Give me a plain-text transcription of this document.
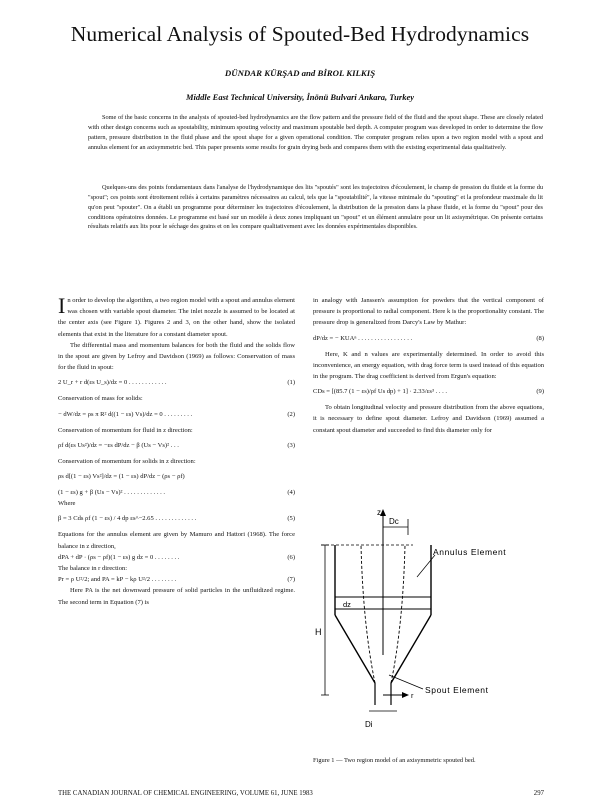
Numerical Analysis of Spouted-Bed Hydrodynamics
DÜNDAR KÜRŞAD and BİROL KILKIŞ
Middle East Technical University, İnönü Bulvari Ankara, Turkey
Some of the basic concerns in the analysis of spouted-bed hydrodynamics are the flow pattern and the pressure field of the fluid and the spout shape. These are closely related with other design concerns such as spoutability, minimum spouting velocity and maximum spoutable bed depth. A computer program was developed in order to determine the flow pattern, pressure distribution in the fluid phase and the spout shape for a given operational condition. The computer program relies upon a two region model with a spout and annulus element for an axisymmetric bed. This paper presents some results for grain drying beds and compares them with the existing experimental data qualitatively.
Quelques-uns des points fondamentaux dans l'analyse de l'hydrodynamique des lits "spoutés" sont les trajectoires d'écoulement, le champ de pression du fluide et la forme du "spout"; ces points sont étroitement reliés à certains paramètres nécessaires au calcul, tels que la "spoutabilité", la vitesse minimale du "spouting" et la profondeur maximale du lit qu'on peut "spouter". On a établi un programme pour déterminer les trajectoires d'écoulement, la distribution de la pression dans la phase fluide, et la forme du "spout" pour des conditions opératoires données. Le programme est basé sur un modèle à deux zones impliquant un "spout" et un élément annulaire pour un lit axisymétrique. On présente certains résultats relatifs aux lits pour le séchage des grains et on les compare qualitativement avec les données expérimentales disponibles.

In order to develop the algorithm, a two region model with a spout and annulus element was chosen with variable spout diameter. The inlet nozzle is assumed to be located at the center axis (see Figure 1). Figures 2 and 3, on the other hand, show the isolated elements that exist in the literature for a constant diameter spout.

The differential mass and momentum balances for both the fluid and the solids flow in the spout are given by Lefroy and Davidson (1969) as follows: Conservation of mass for the fluid in spout:

2 U_r + r d(εs U_s)/dz = 0 . . . . . . . . . . . .	(1)

Conservation of mass for solids:

− dW/dz = ρs π R² d((1 − εs) Vs)/dz = 0 . . . . . . . . .	(2)

Conservation of momentum for fluid in z direction:

ρf d(εs Us²)/dz = −εs dP/dz − β (Us − Vs)² . . .	(3)

Conservation of momentum for solids in z direction:

ρs d[(1 − εs) Vs²]/dz = (1 − εs) dP/dz − (ρs − ρf)
(1 − εs) g + β (Us − Vs)² . . . . . . . . . . . . .	(4)

Where

β = 3 Cds ρf (1 − εs) / 4 dp εs^−2.65 . . . . . . . . . . . . .	(5)

Equations for the annulus element are given by Mamuro and Hattori (1968). The force balance in z direction,

dPA + dP · (ρs − ρf)(1 − εs) g dz = 0 . . . . . . . .	(6)

The balance in r direction:

Pr = ρ U²/2; and PA = kP − kρ U²/2 . . . . . . . .	(7)

Here PA is the net downward pressure of solid particles in the unfluidized regime. The second term in Equation (7) is

in analogy with Janssen's assumption for powders that the vertical component of pressure is proportional to radial component. Here k is the proportionality constant. The pressure drop is generalized from Darcy's Law by Mathur:

dP/dz = − KUAⁿ . . . . . . . . . . . . . . . . .	(8)

Here, K and n values are experimentally determined. In order to avoid this inconvenience, an energy equation, with drag force term is used instead of this equation in the program. The drag coefficient is derived from Ergun's equation:

CDs = [(85.7 (1 − εs)/ρf Us dp) + 1] · 2.33/εs³ . . . .	(9)

To obtain longitudinal velocity and pressure distribution from the above equations, it is necessary to define spout diameter. Lefroy and Davidson (1969) assumed a constant spout diameter and succeeded to find this diameter only for

z
Dc
dz
H
r
Di
Annulus Element
Spout Element
Figure 1 — Two region model of an axisymmetric spouted bed.
THE CANADIAN JOURNAL OF CHEMICAL ENGINEERING, VOLUME 61, JUNE 1983	297
